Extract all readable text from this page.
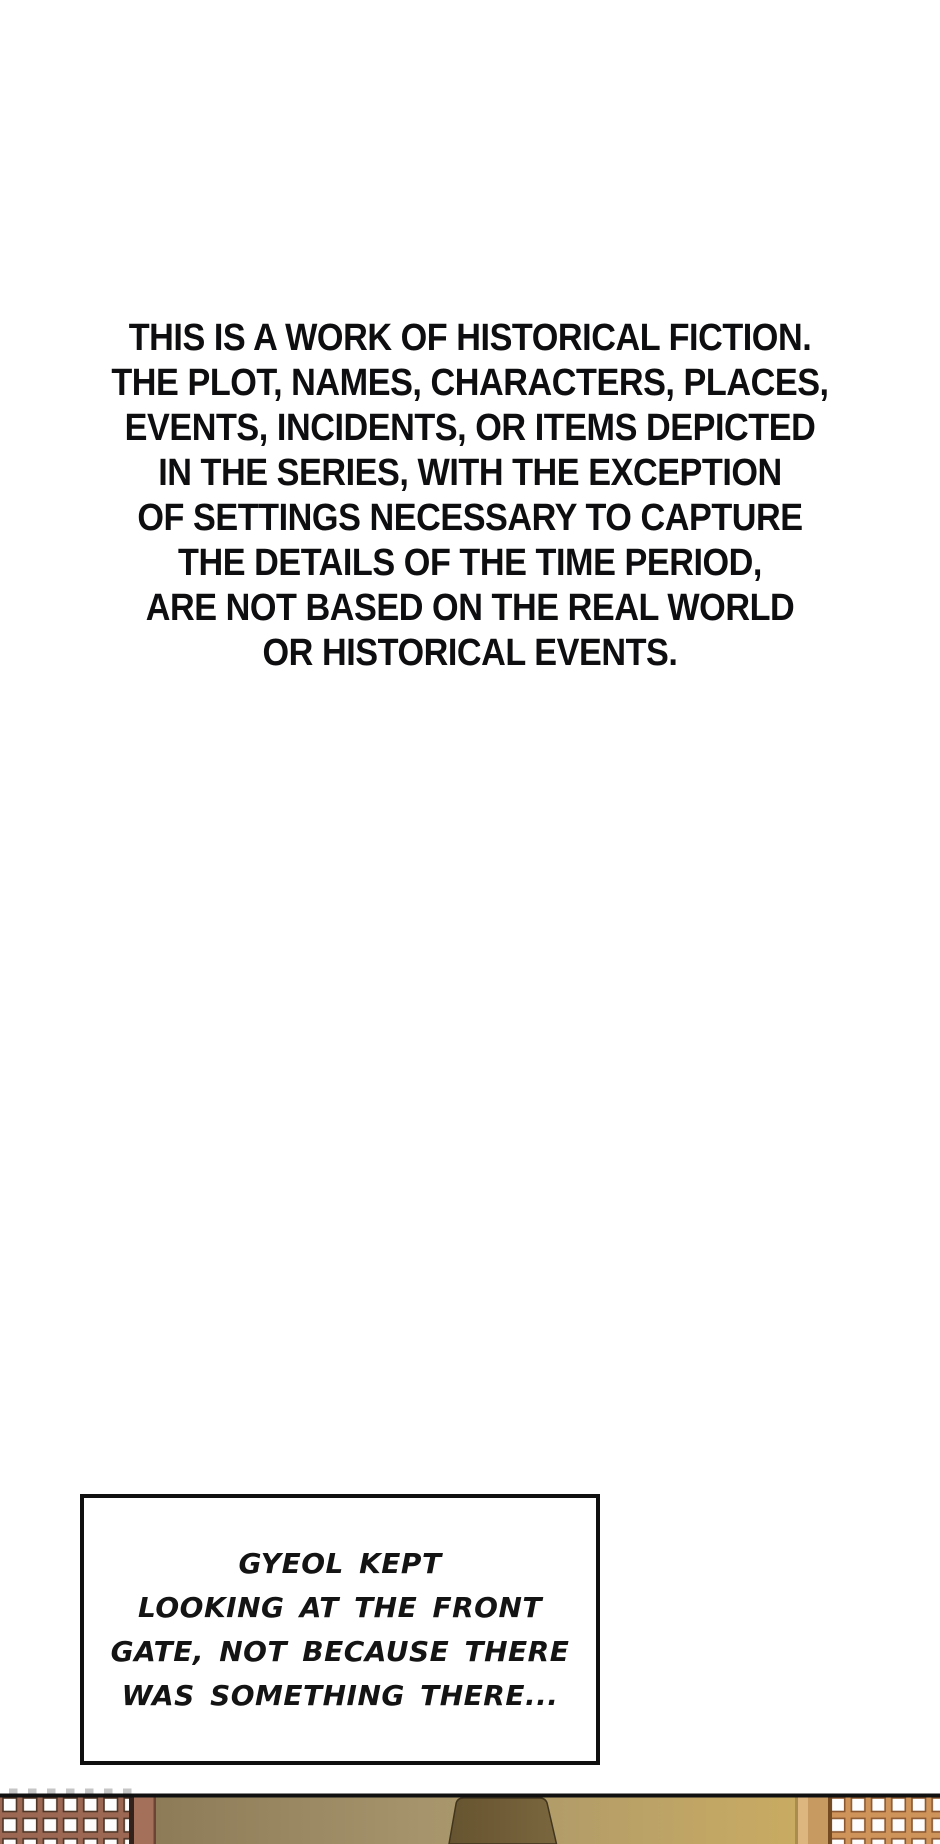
THIS IS A WORK OF HISTORICAL FICTION.
THE PLOT, NAMES, CHARACTERS, PLACES,
EVENTS, INCIDENTS, OR ITEMS DEPICTED
IN THE SERIES, WITH THE EXCEPTION
OF SETTINGS NECESSARY TO CAPTURE
THE DETAILS OF THE TIME PERIOD,
ARE NOT BASED ON THE REAL WORLD
OR HISTORICAL EVENTS.
GYEOL KEPT
LOOKING AT THE FRONT
GATE, NOT BECAUSE THERE
WAS SOMETHING THERE...
